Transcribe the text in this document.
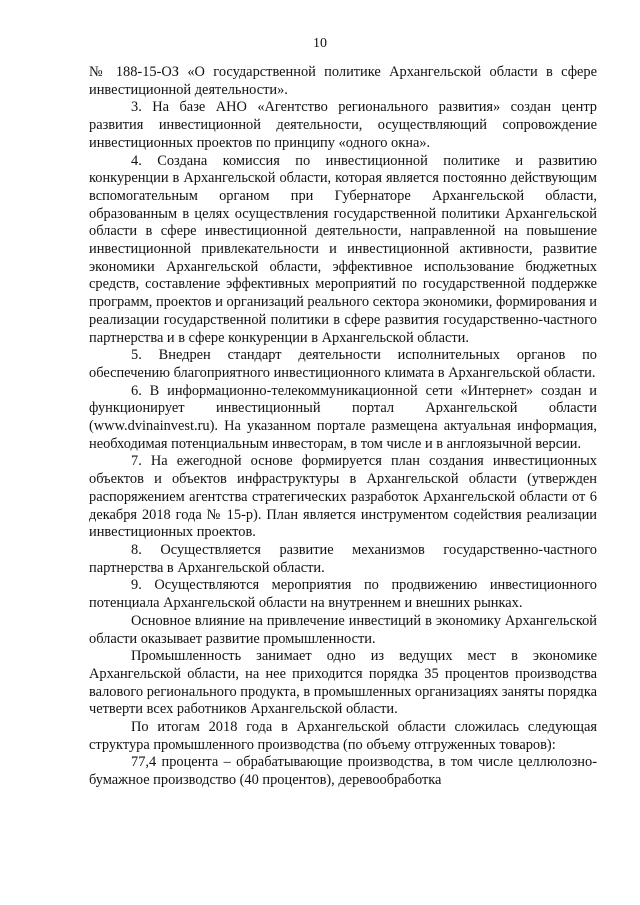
10

№ 188-15-ОЗ «О государственной политике Архангельской области в сфере инвестиционной деятельности».

3. На базе АНО «Агентство регионального развития» создан центр развития инвестиционной деятельности, осуществляющий сопровождение инвестиционных проектов по принципу «одного окна».

4. Создана комиссия по инвестиционной политике и развитию конкуренции в Архангельской области, которая является постоянно действующим вспомогательным органом при Губернаторе Архангельской области, образованным в целях осуществления государственной политики Архангельской области в сфере инвестиционной деятельности, направленной на повышение инвестиционной привлекательности и инвестиционной активности, развитие экономики Архангельской области, эффективное использование бюджетных средств, составление эффективных мероприятий по государственной поддержке программ, проектов и организаций реального сектора экономики, формирования и реализации государственной политики в сфере развития государственно-частного партнерства и в сфере конкуренции в Архангельской области.

5. Внедрен стандарт деятельности исполнительных органов по обеспечению благоприятного инвестиционного климата в Архангельской области.

6. В информационно-телекоммуникационной сети «Интернет» создан и функционирует инвестиционный портал Архангельской области (www.dvinainvest.ru). На указанном портале размещена актуальная информация, необходимая потенциальным инвесторам, в том числе и в англоязычной версии.

7. На ежегодной основе формируется план создания инвестиционных объектов и объектов инфраструктуры в Архангельской области (утвержден распоряжением агентства стратегических разработок Архангельской области от 6 декабря 2018 года № 15-р). План является инструментом содействия реализации инвестиционных проектов.

8. Осуществляется развитие механизмов государственно-частного партнерства в Архангельской области.

9. Осуществляются мероприятия по продвижению инвестиционного потенциала Архангельской области на внутреннем и внешних рынках.

Основное влияние на привлечение инвестиций в экономику Архангельской области оказывает развитие промышленности.

Промышленность занимает одно из ведущих мест в экономике Архангельской области, на нее приходится порядка 35 процентов производства валового регионального продукта, в промышленных организациях заняты порядка четверти всех работников Архангельской области.

По итогам 2018 года в Архангельской области сложилась следующая структура промышленного производства (по объему отгруженных товаров):

77,4 процента – обрабатывающие производства, в том числе целлюлозно-бумажное производство (40 процентов), деревообработка
